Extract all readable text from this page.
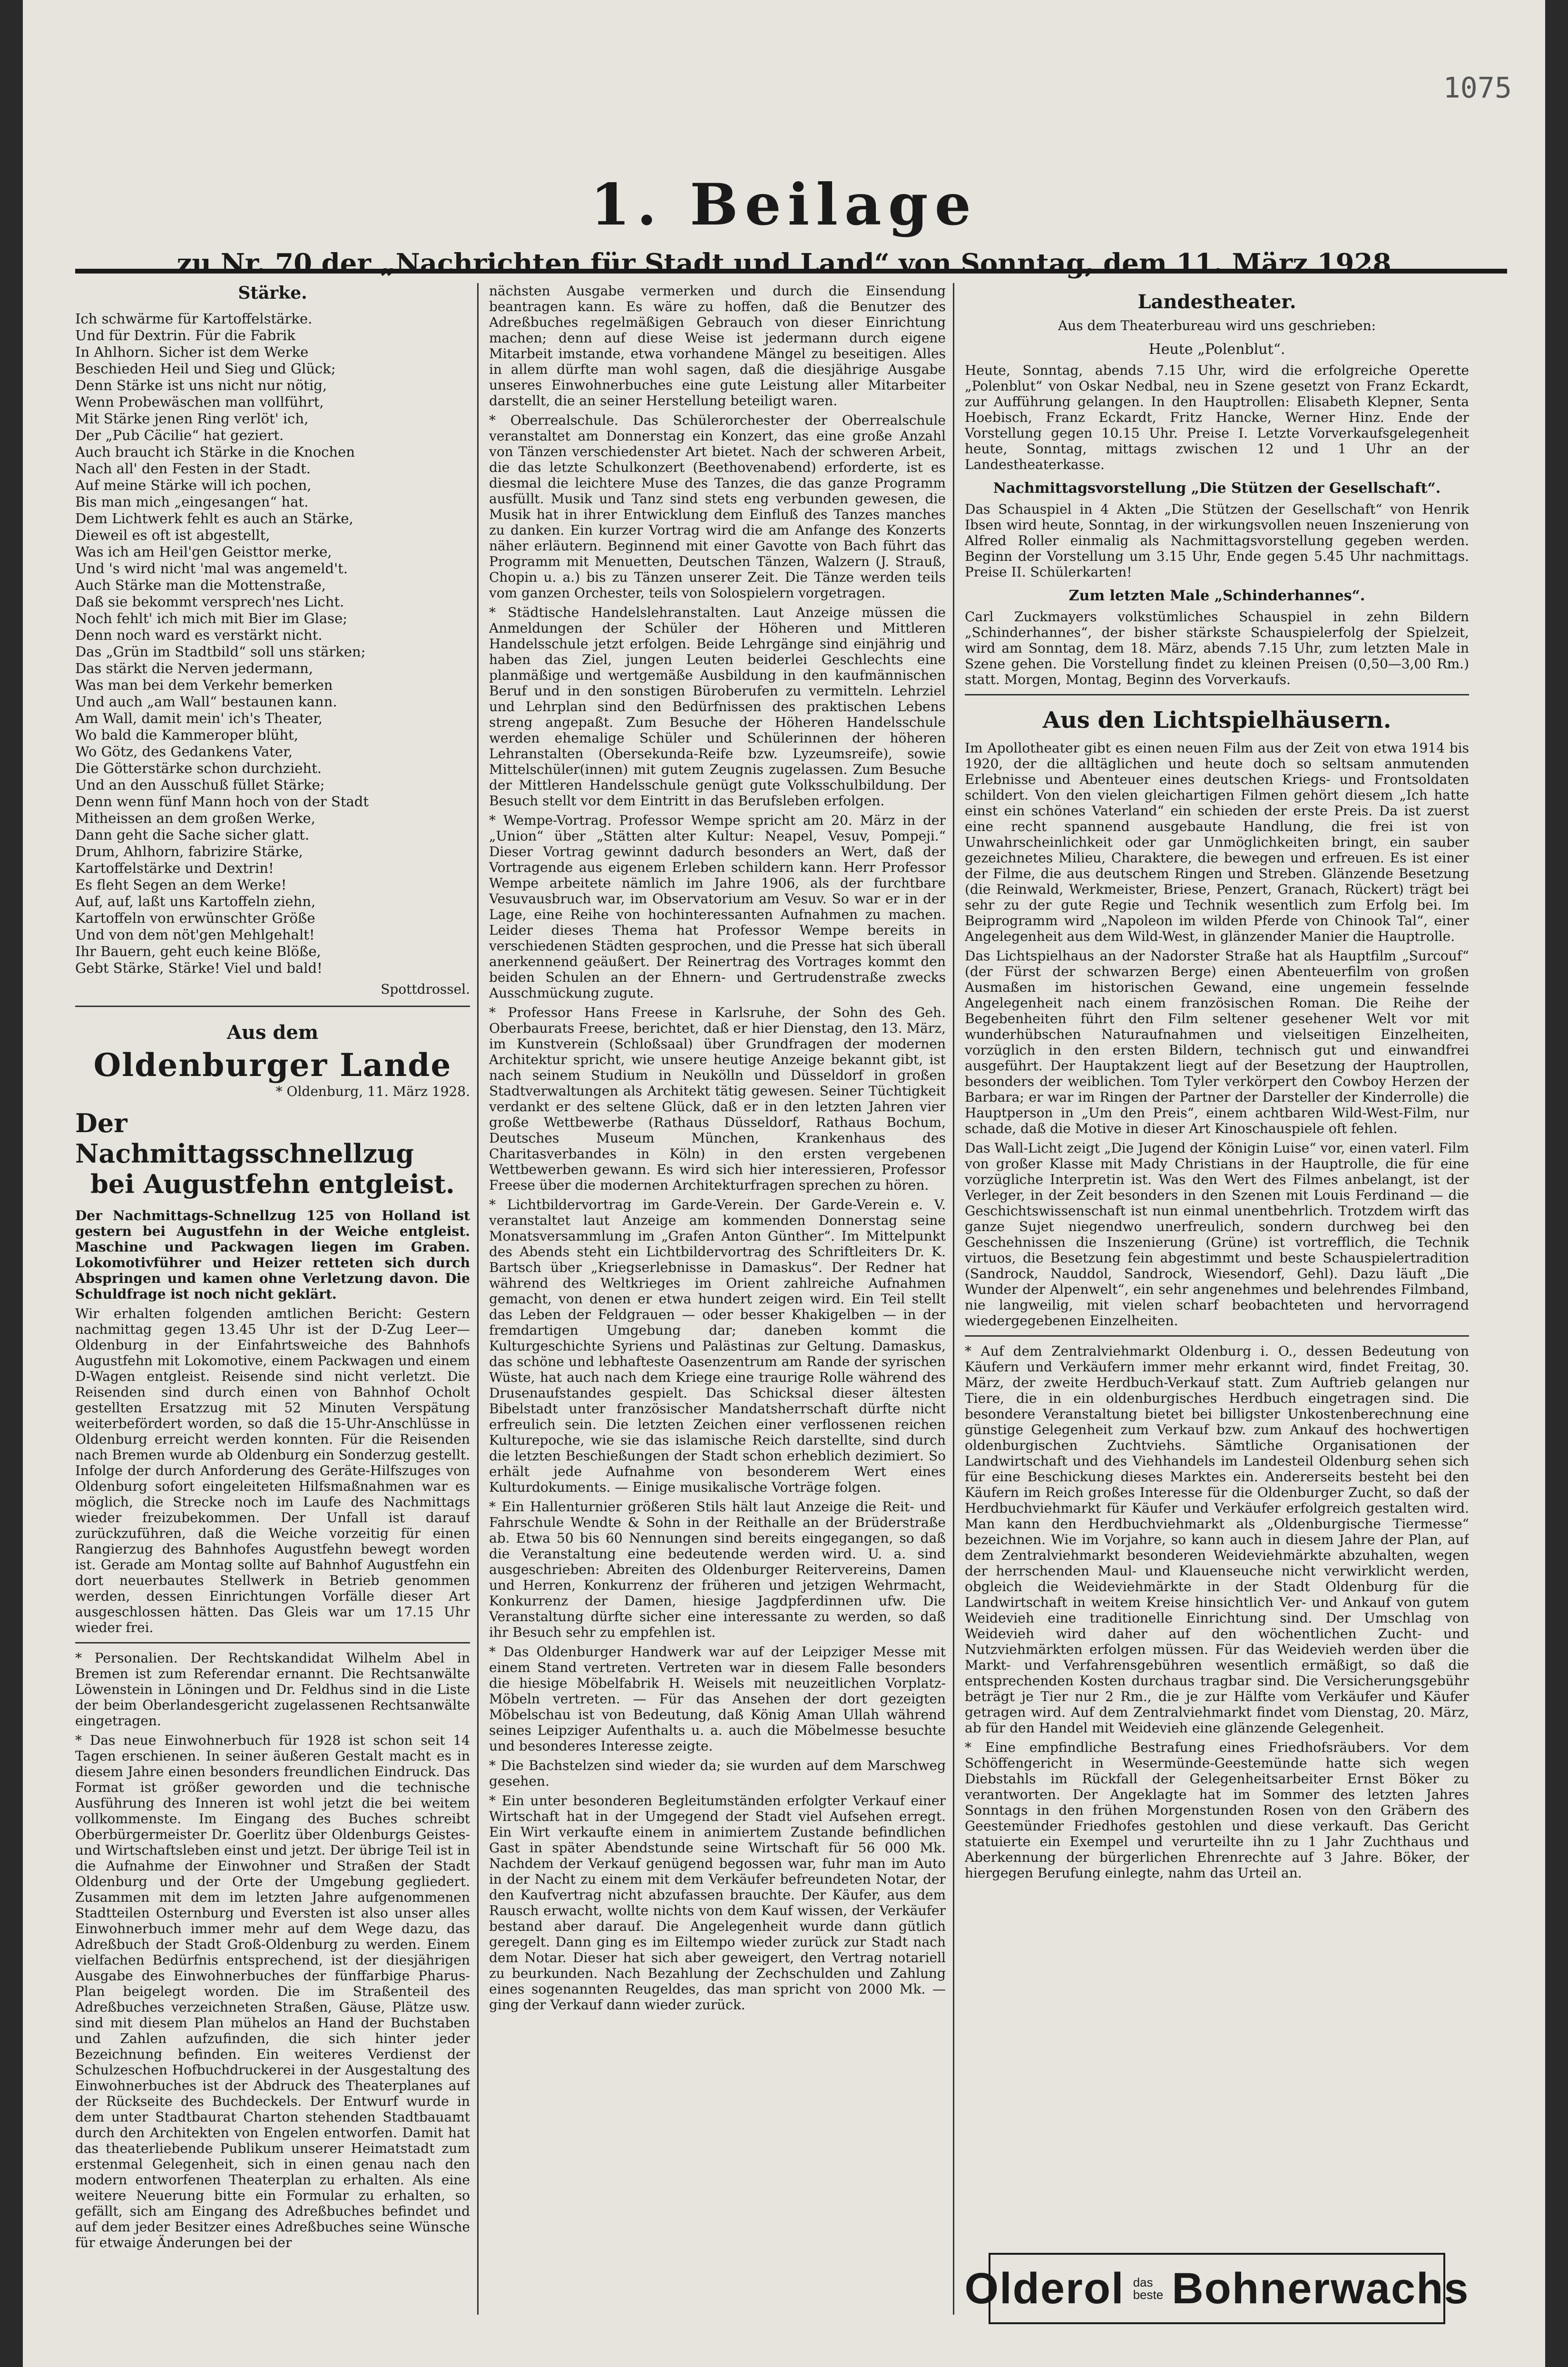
1075
1. Beilage
zu Nr. 70 der „Nachrichten für Stadt und Land“ von Sonntag, dem 11. März 1928
Stärke.

Ich schwärme für Kartoffelstärke.

Und für Dextrin. Für die Fabrik

In Ahlhorn. Sicher ist dem Werke

Beschieden Heil und Sieg und Glück;

Denn Stärke ist uns nicht nur nötig,

Wenn Probewäschen man vollführt,

Mit Stärke jenen Ring verlöt' ich,

Der „Pub Cäcilie“ hat geziert.

Auch braucht ich Stärke in die Knochen

Nach all' den Festen in der Stadt.

Auf meine Stärke will ich pochen,

Bis man mich „eingesangen“ hat.

Dem Lichtwerk fehlt es auch an Stärke,

Dieweil es oft ist abgestellt,

Was ich am Heil'gen Geisttor merke,

Und 's wird nicht 'mal was angemeld't.

Auch Stärke man die Mottenstraße,

Daß sie bekommt versprech'nes Licht.

Noch fehlt' ich mich mit Bier im Glase;

Denn noch ward es verstärkt nicht.

Das „Grün im Stadtbild“ soll uns stärken;

Das stärkt die Nerven jedermann,

Was man bei dem Verkehr bemerken

Und auch „am Wall“ bestaunen kann.

Am Wall, damit mein' ich's Theater,

Wo bald die Kammeroper blüht,

Wo Götz, des Gedankens Vater,

Die Götterstärke schon durchzieht.

Und an den Ausschuß füllet Stärke;

Denn wenn fünf Mann hoch von der Stadt

Mitheissen an dem großen Werke,

Dann geht die Sache sicher glatt.

Drum, Ahlhorn, fabrizire Stärke,

Kartoffelstärke und Dextrin!

Es fleht Segen an dem Werke!

Auf, auf, laßt uns Kartoffeln ziehn,

Kartoffeln von erwünschter Größe

Und von dem nöt'gen Mehlgehalt!

Ihr Bauern, geht euch keine Blöße,

Gebt Stärke, Stärke! Viel und bald!

Spottdrossel.
Aus dem
Oldenburger Lande
* Oldenburg, 11. März 1928.
Der Nachmittagsschnellzug
bei Augustfehn entgleist.

Der Nachmittags-Schnellzug 125 von Holland ist gestern bei Augustfehn in der Weiche entgleist. Maschine und Packwagen liegen im Graben. Lokomotivführer und Heizer retteten sich durch Abspringen und kamen ohne Verletzung davon. Die Schuldfrage ist noch nicht geklärt.

Wir erhalten folgenden amtlichen Bericht: Gestern nachmittag gegen 13.45 Uhr ist der D-Zug Leer—Oldenburg in der Einfahrtsweiche des Bahnhofs Augustfehn mit Lokomotive, einem Packwagen und einem D-Wagen entgleist. Reisende sind nicht verletzt. Die Reisenden sind durch einen von Bahnhof Ocholt gestellten Ersatzzug mit 52 Minuten Verspätung weiterbefördert worden, so daß die 15-Uhr-Anschlüsse in Oldenburg erreicht werden konnten. Für die Reisenden nach Bremen wurde ab Oldenburg ein Sonderzug gestellt. Infolge der durch Anforderung des Geräte-Hilfszuges von Oldenburg sofort eingeleiteten Hilfsmaßnahmen war es möglich, die Strecke noch im Laufe des Nachmittags wieder freizubekommen. Der Unfall ist darauf zurückzuführen, daß die Weiche vorzeitig für einen Rangierzug des Bahnhofes Augustfehn bewegt worden ist. Gerade am Montag sollte auf Bahnhof Augustfehn ein dort neuerbautes Stellwerk in Betrieb genommen werden, dessen Einrichtungen Vorfälle dieser Art ausgeschlossen hätten. Das Gleis war um 17.15 Uhr wieder frei.

* Personalien. Der Rechtskandidat Wilhelm Abel in Bremen ist zum Referendar ernannt. Die Rechtsanwälte Löwenstein in Löningen und Dr. Feldhus sind in die Liste der beim Oberlandesgericht zugelassenen Rechtsanwälte eingetragen.

* Das neue Einwohnerbuch für 1928 ist schon seit 14 Tagen erschienen. In seiner äußeren Gestalt macht es in diesem Jahre einen besonders freundlichen Eindruck. Das Format ist größer geworden und die technische Ausführung des Inneren ist wohl jetzt die bei weitem vollkommenste. Im Eingang des Buches schreibt Oberbürgermeister Dr. Goerlitz über Oldenburgs Geistes- und Wirtschaftsleben einst und jetzt. Der übrige Teil ist in die Aufnahme der Einwohner und Straßen der Stadt Oldenburg und der Orte der Umgebung gegliedert. Zusammen mit dem im letzten Jahre aufgenommenen Stadtteilen Osternburg und Eversten ist also unser alles Einwohnerbuch immer mehr auf dem Wege dazu, das Adreßbuch der Stadt Groß-Oldenburg zu werden. Einem vielfachen Bedürfnis entsprechend, ist der diesjährigen Ausgabe des Einwohnerbuches der fünffarbige Pharus-Plan beigelegt worden. Die im Straßenteil des Adreßbuches verzeichneten Straßen, Gäuse, Plätze usw. sind mit diesem Plan mühelos an Hand der Buchstaben und Zahlen aufzufinden, die sich hinter jeder Bezeichnung befinden. Ein weiteres Verdienst der Schulzeschen Hofbuchdruckerei in der Ausgestaltung des Einwohnerbuches ist der Abdruck des Theaterplanes auf der Rückseite des Buchdeckels. Der Entwurf wurde in dem unter Stadtbaurat Charton stehenden Stadtbauamt durch den Architekten von Engelen entworfen. Damit hat das theaterliebende Publikum unserer Heimatstadt zum erstenmal Gelegenheit, sich in einen genau nach den modern entworfenen Theaterplan zu erhalten. Als eine weitere Neuerung bitte ein Formular zu erhalten, so gefällt, sich am Eingang des Adreßbuches befindet und auf dem jeder Besitzer eines Adreßbuches seine Wünsche für etwaige Änderungen bei der

nächsten Ausgabe vermerken und durch die Einsendung beantragen kann. Es wäre zu hoffen, daß die Benutzer des Adreßbuches regelmäßigen Gebrauch von dieser Einrichtung machen; denn auf diese Weise ist jedermann durch eigene Mitarbeit imstande, etwa vorhandene Mängel zu beseitigen. Alles in allem dürfte man wohl sagen, daß die diesjährige Ausgabe unseres Einwohnerbuches eine gute Leistung aller Mitarbeiter darstellt, die an seiner Herstellung beteiligt waren.

* Oberrealschule. Das Schülerorchester der Oberrealschule veranstaltet am Donnerstag ein Konzert, das eine große Anzahl von Tänzen verschiedenster Art bietet. Nach der schweren Arbeit, die das letzte Schulkonzert (Beethovenabend) erforderte, ist es diesmal die leichtere Muse des Tanzes, die das ganze Programm ausfüllt. Musik und Tanz sind stets eng verbunden gewesen, die Musik hat in ihrer Entwicklung dem Einfluß des Tanzes manches zu danken. Ein kurzer Vortrag wird die am Anfange des Konzerts näher erläutern. Beginnend mit einer Gavotte von Bach führt das Programm mit Menuetten, Deutschen Tänzen, Walzern (J. Strauß, Chopin u. a.) bis zu Tänzen unserer Zeit. Die Tänze werden teils vom ganzen Orchester, teils von Solospielern vorgetragen.

* Städtische Handelslehranstalten. Laut Anzeige müssen die Anmeldungen der Schüler der Höheren und Mittleren Handelsschule jetzt erfolgen. Beide Lehrgänge sind einjährig und haben das Ziel, jungen Leuten beiderlei Geschlechts eine planmäßige und wertgemäße Ausbildung in den kaufmännischen Beruf und in den sonstigen Büroberufen zu vermitteln. Lehrziel und Lehrplan sind den Bedürfnissen des praktischen Lebens streng angepaßt. Zum Besuche der Höheren Handelsschule werden ehemalige Schüler und Schülerinnen der höheren Lehranstalten (Obersekunda-Reife bzw. Lyzeumsreife), sowie Mittelschüler(innen) mit gutem Zeugnis zugelassen. Zum Besuche der Mittleren Handelsschule genügt gute Volksschulbildung. Der Besuch stellt vor dem Eintritt in das Berufsleben erfolgen.

* Wempe-Vortrag. Professor Wempe spricht am 20. März in der „Union“ über „Stätten alter Kultur: Neapel, Vesuv, Pompeji.“ Dieser Vortrag gewinnt dadurch besonders an Wert, daß der Vortragende aus eigenem Erleben schildern kann. Herr Professor Wempe arbeitete nämlich im Jahre 1906, als der furchtbare Vesuvausbruch war, im Observatorium am Vesuv. So war er in der Lage, eine Reihe von hochinteressanten Aufnahmen zu machen. Leider dieses Thema hat Professor Wempe bereits in verschiedenen Städten gesprochen, und die Presse hat sich überall anerkennend geäußert. Der Reinertrag des Vortrages kommt den beiden Schulen an der Ehnern- und Gertrudenstraße zwecks Ausschmückung zugute.

* Professor Hans Freese in Karlsruhe, der Sohn des Geh. Oberbaurats Freese, berichtet, daß er hier Dienstag, den 13. März, im Kunstverein (Schloßsaal) über Grundfragen der modernen Architektur spricht, wie unsere heutige Anzeige bekannt gibt, ist nach seinem Studium in Neukölln und Düsseldorf in großen Stadtverwaltungen als Architekt tätig gewesen. Seiner Tüchtigkeit verdankt er des seltene Glück, daß er in den letzten Jahren vier große Wettbewerbe (Rathaus Düsseldorf, Rathaus Bochum, Deutsches Museum München, Krankenhaus des Charitasverbandes in Köln) in den ersten vergebenen Wettbewerben gewann. Es wird sich hier interessieren, Professor Freese über die modernen Architekturfragen sprechen zu hören.

* Lichtbildervortrag im Garde-Verein. Der Garde-Verein e. V. veranstaltet laut Anzeige am kommenden Donnerstag seine Monatsversammlung im „Grafen Anton Günther“. Im Mittelpunkt des Abends steht ein Lichtbildervortrag des Schriftleiters Dr. K. Bartsch über „Kriegserlebnisse in Damaskus“. Der Redner hat während des Weltkrieges im Orient zahlreiche Aufnahmen gemacht, von denen er etwa hundert zeigen wird. Ein Teil stellt das Leben der Feldgrauen — oder besser Khakigelben — in der fremdartigen Umgebung dar; daneben kommt die Kulturgeschichte Syriens und Palästinas zur Geltung. Damaskus, das schöne und lebhafteste Oasenzentrum am Rande der syrischen Wüste, hat auch nach dem Kriege eine traurige Rolle während des Drusenaufstandes gespielt. Das Schicksal dieser ältesten Bibelstadt unter französischer Mandatsherrschaft dürfte nicht erfreulich sein. Die letzten Zeichen einer verflossenen reichen Kulturepoche, wie sie das islamische Reich darstellte, sind durch die letzten Beschießungen der Stadt schon erheblich dezimiert. So erhält jede Aufnahme von besonderem Wert eines Kulturdokuments. — Einige musikalische Vorträge folgen.

* Ein Hallenturnier größeren Stils hält laut Anzeige die Reit- und Fahrschule Wendte & Sohn in der Reithalle an der Brüderstraße ab. Etwa 50 bis 60 Nennungen sind bereits eingegangen, so daß die Veranstaltung eine bedeutende werden wird. U. a. sind ausgeschrieben: Abreiten des Oldenburger Reitervereins, Damen und Herren, Konkurrenz der früheren und jetzigen Wehrmacht, Konkurrenz der Damen, hiesige Jagdpferdinnen ufw. Die Veranstaltung dürfte sicher eine interessante zu werden, so daß ihr Besuch sehr zu empfehlen ist.

* Das Oldenburger Handwerk war auf der Leipziger Messe mit einem Stand vertreten. Vertreten war in diesem Falle besonders die hiesige Möbelfabrik H. Weisels mit neuzeitlichen Vorplatz-Möbeln vertreten. — Für das Ansehen der dort gezeigten Möbelschau ist von Bedeutung, daß König Aman Ullah während seines Leipziger Aufenthalts u. a. auch die Möbelmesse besuchte und besonderes Interesse zeigte.

* Die Bachstelzen sind wieder da; sie wurden auf dem Marschweg gesehen.

* Ein unter besonderen Begleitumständen erfolgter Verkauf einer Wirtschaft hat in der Umgegend der Stadt viel Aufsehen erregt. Ein Wirt verkaufte einem in animiertem Zustande befindlichen Gast in später Abendstunde seine Wirtschaft für 56 000 Mk. Nachdem der Verkauf genügend begossen war, fuhr man im Auto in der Nacht zu einem mit dem Verkäufer befreundeten Notar, der den Kaufvertrag nicht abzufassen brauchte. Der Käufer, aus dem Rausch erwacht, wollte nichts von dem Kauf wissen, der Verkäufer bestand aber darauf. Die Angelegenheit wurde dann gütlich geregelt. Dann ging es im Eiltempo wieder zurück zur Stadt nach dem Notar. Dieser hat sich aber geweigert, den Vertrag notariell zu beurkunden. Nach Bezahlung der Zechschulden und Zahlung eines sogenannten Reugeldes, das man spricht von 2000 Mk. — ging der Verkauf dann wieder zurück.

Landestheater.

Aus dem Theaterbureau wird uns geschrieben:

Heute „Polenblut“.

Heute, Sonntag, abends 7.15 Uhr, wird die erfolgreiche Operette „Polenblut“ von Oskar Nedbal, neu in Szene gesetzt von Franz Eckardt, zur Aufführung gelangen. In den Hauptrollen: Elisabeth Klepner, Senta Hoebisch, Franz Eckardt, Fritz Hancke, Werner Hinz. Ende der Vorstellung gegen 10.15 Uhr. Preise I. Letzte Vorverkaufsgelegenheit heute, Sonntag, mittags zwischen 12 und 1 Uhr an der Landestheaterkasse.

Nachmittagsvorstellung „Die Stützen der Gesellschaft“.

Das Schauspiel in 4 Akten „Die Stützen der Gesellschaft“ von Henrik Ibsen wird heute, Sonntag, in der wirkungsvollen neuen Inszenierung von Alfred Roller einmalig als Nachmittagsvorstellung gegeben werden. Beginn der Vorstellung um 3.15 Uhr, Ende gegen 5.45 Uhr nachmittags. Preise II. Schülerkarten!

Zum letzten Male „Schinderhannes“.

Carl Zuckmayers volkstümliches Schauspiel in zehn Bildern „Schinderhannes“, der bisher stärkste Schauspielerfolg der Spielzeit, wird am Sonntag, dem 18. März, abends 7.15 Uhr, zum letzten Male in Szene gehen. Die Vorstellung findet zu kleinen Preisen (0,50—3,00 Rm.) statt. Morgen, Montag, Beginn des Vorverkaufs.

Aus den Lichtspielhäusern.

Im Apollotheater gibt es einen neuen Film aus der Zeit von etwa 1914 bis 1920, der die alltäglichen und heute doch so seltsam anmutenden Erlebnisse und Abenteuer eines deutschen Kriegs- und Frontsoldaten schildert. Von den vielen gleichartigen Filmen gehört diesem „Ich hatte einst ein schönes Vaterland“ ein schieden der erste Preis. Da ist zuerst eine recht spannend ausgebaute Handlung, die frei ist von Unwahrscheinlichkeit oder gar Unmöglichkeiten bringt, ein sauber gezeichnetes Milieu, Charaktere, die bewegen und erfreuen. Es ist einer der Filme, die aus deutschem Ringen und Streben. Glänzende Besetzung (die Reinwald, Werkmeister, Briese, Penzert, Granach, Rückert) trägt bei sehr zu der gute Regie und Technik wesentlich zum Erfolg bei. Im Beiprogramm wird „Napoleon im wilden Pferde von Chinook Tal“, einer Angelegenheit aus dem Wild-West, in glänzender Manier die Hauptrolle.

Das Lichtspielhaus an der Nadorster Straße hat als Hauptfilm „Surcouf“ (der Fürst der schwarzen Berge) einen Abenteuerfilm von großen Ausmaßen im historischen Gewand, eine ungemein fesselnde Angelegenheit nach einem französischen Roman. Die Reihe der Begebenheiten führt den Film seltener gesehener Welt vor mit wunderhübschen Naturaufnahmen und vielseitigen Einzelheiten, vorzüglich in den ersten Bildern, technisch gut und einwandfrei ausgeführt. Der Hauptakzent liegt auf der Besetzung der Hauptrollen, besonders der weiblichen. Tom Tyler verkörpert den Cowboy Herzen der Barbara; er war im Ringen der Partner der Darsteller der Kinderrolle) die Hauptperson in „Um den Preis“, einem achtbaren Wild-West-Film, nur schade, daß die Motive in dieser Art Kinoschauspiele oft fehlen.

Das Wall-Licht zeigt „Die Jugend der Königin Luise“ vor, einen vaterl. Film von großer Klasse mit Mady Christians in der Hauptrolle, die für eine vorzügliche Interpretin ist. Was den Wert des Filmes anbelangt, ist der Verleger, in der Zeit besonders in den Szenen mit Louis Ferdinand — die Geschichtswissenschaft ist nun einmal unentbehrlich. Trotzdem wirft das ganze Sujet niegendwo unerfreulich, sondern durchweg bei den Geschehnissen die Inszenierung (Grüne) ist vortrefflich, die Technik virtuos, die Besetzung fein abgestimmt und beste Schauspielertradition (Sandrock, Nauddol, Sandrock, Wiesendorf, Gehl). Dazu läuft „Die Wunder der Alpenwelt“, ein sehr angenehmes und belehrendes Filmband, nie langweilig, mit vielen scharf beobachteten und hervorragend wiedergegebenen Einzelheiten.

* Auf dem Zentralviehmarkt Oldenburg i. O., dessen Bedeutung von Käufern und Verkäufern immer mehr erkannt wird, findet Freitag, 30. März, der zweite Herdbuch-Verkauf statt. Zum Auftrieb gelangen nur Tiere, die in ein oldenburgisches Herdbuch eingetragen sind. Die besondere Veranstaltung bietet bei billigster Unkostenberechnung eine günstige Gelegenheit zum Verkauf bzw. zum Ankauf des hochwertigen oldenburgischen Zuchtviehs. Sämtliche Organisationen der Landwirtschaft und des Viehhandels im Landesteil Oldenburg sehen sich für eine Beschickung dieses Marktes ein. Andererseits besteht bei den Käufern im Reich großes Interesse für die Oldenburger Zucht, so daß der Herdbuchviehmarkt für Käufer und Verkäufer erfolgreich gestalten wird. Man kann den Herdbuchviehmarkt als „Oldenburgische Tiermesse“ bezeichnen. Wie im Vorjahre, so kann auch in diesem Jahre der Plan, auf dem Zentralviehmarkt besonderen Weideviehmärkte abzuhalten, wegen der herrschenden Maul- und Klauenseuche nicht verwirklicht werden, obgleich die Weideviehmärkte in der Stadt Oldenburg für die Landwirtschaft in weitem Kreise hinsichtlich Ver- und Ankauf von gutem Weidevieh eine traditionelle Einrichtung sind. Der Umschlag von Weidevieh wird daher auf den wöchentlichen Zucht- und Nutzviehmärkten erfolgen müssen. Für das Weidevieh werden über die Markt- und Verfahrensgebühren wesentlich ermäßigt, so daß die entsprechenden Kosten durchaus tragbar sind. Die Versicherungsgebühr beträgt je Tier nur 2 Rm., die je zur Hälfte vom Verkäufer und Käufer getragen wird. Auf dem Zentralviehmarkt findet vom Dienstag, 20. März, ab für den Handel mit Weidevieh eine glänzende Gelegenheit.

* Eine empfindliche Bestrafung eines Friedhofsräubers. Vor dem Schöffengericht in Wesermünde-Geestemünde hatte sich wegen Diebstahls im Rückfall der Gelegenheitsarbeiter Ernst Böker zu verantworten. Der Angeklagte hat im Sommer des letzten Jahres Sonntags in den frühen Morgenstunden Rosen von den Gräbern des Geestemünder Friedhofes gestohlen und diese verkauft. Das Gericht statuierte ein Exempel und verurteilte ihn zu 1 Jahr Zuchthaus und Aberkennung der bürgerlichen Ehrenrechte auf 3 Jahre. Böker, der hiergegen Berufung einlegte, nahm das Urteil an.

Olderol das
beste Bohnerwachs
